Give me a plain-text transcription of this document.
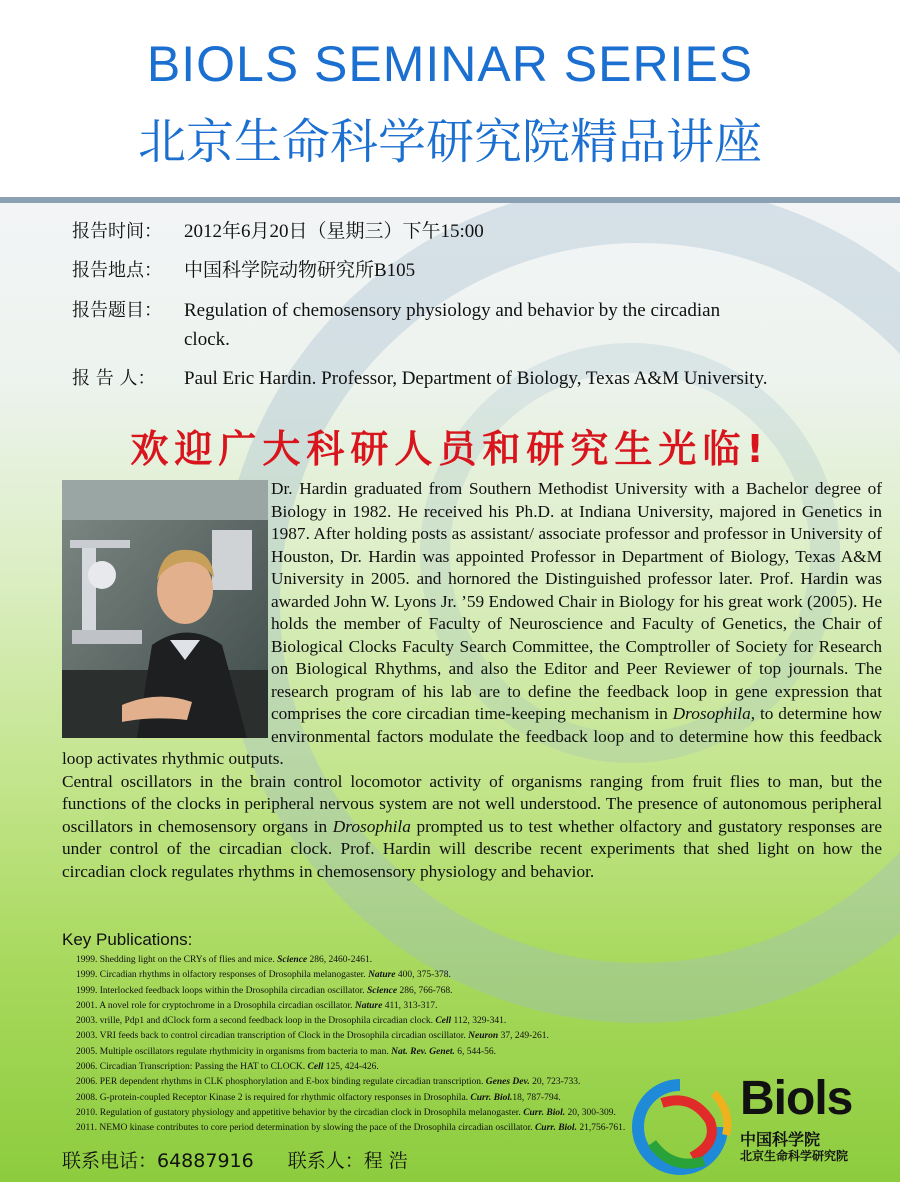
BIOLS SEMINAR SERIES
北京生命科学研究院精品讲座
报告时间：	2012年6月20日（星期三）下午15:00
报告地点：	中国科学院动物研究所B105
报告题目：	Regulation of chemosensory physiology and behavior by the circadian clock.
报 告 人：	Paul Eric Hardin. Professor, Department of Biology, Texas A&M University.
欢迎广大科研人员和研究生光临!

Dr. Hardin graduated from Southern Methodist University with a Bachelor degree of Biology in 1982. He received his Ph.D. at Indiana University, majored in Genetics in 1987. After holding posts as assistant/ associate professor and professor in University of Houston, Dr. Hardin was appointed Professor in Department of Biology, Texas A&M University in 2005. and hornored the Distinguished professor later. Prof. Hardin was awarded John W. Lyons Jr. ’59 Endowed Chair in Biology for his great work (2005). He holds the member of Faculty of Neuroscience and Faculty of Genetics, the Chair of Biological Clocks Faculty Search Committee, the Comptroller of Society for Research on Biological Rhythms, and also the Editor and Peer Reviewer of top journals. The research program of his lab are to define the feedback loop in gene expression that comprises the core circadian time-keeping mechanism in Drosophila, to determine how environmental factors modulate the feedback loop and to determine how this feedback loop activates rhythmic outputs.

Central oscillators in the brain control locomotor activity of organisms ranging from fruit flies to man, but the functions of the clocks in peripheral nervous system are not well understood. The presence of autonomous peripheral oscillators in chemosensory organs in Drosophila prompted us to test whether olfactory and gustatory responses are under control of the circadian clock. Prof. Hardin will describe recent experiments that shed light on how the circadian clock regulates rhythms in chemosensory physiology and behavior.

Key Publications:
1999. Shedding light on the CRYs of flies and mice. Science 286, 2460-2461.
1999. Circadian rhythms in olfactory responses of Drosophila melanogaster. Nature 400, 375-378.
1999. Interlocked feedback loops within the Drosophila circadian oscillator. Science 286, 766-768.
2001. A novel role for cryptochrome in a Drosophila circadian oscillator. Nature 411, 313-317.
2003. vrille, Pdp1 and dClock form a second feedback loop in the Drosophila circadian clock. Cell 112, 329-341.
2003. VRI feeds back to control circadian transcription of Clock in the Drosophila circadian oscillator. Neuron 37, 249-261.
2005. Multiple oscillators regulate rhythmicity in organisms from bacteria to man. Nat. Rev. Genet. 6, 544-56.
2006. Circadian Transcription: Passing the HAT to CLOCK. Cell 125, 424-426.
2006. PER dependent rhythms in CLK phosphorylation and E-box binding regulate circadian transcription. Genes Dev. 20, 723-733.
2008. G-protein-coupled Receptor Kinase 2 is required for rhythmic olfactory responses in Drosophila. Curr. Biol.18, 787-794.
2010. Regulation of gustatory physiology and appetitive behavior by the circadian clock in Drosophila melanogaster. Curr. Biol. 20, 300-309.
2011. NEMO kinase contributes to core period determination by slowing the pace of the Drosophila circadian oscillator. Curr. Biol. 21,756-761.
联系电话：64887916 联系人：程 浩
Biols
中国科学院
北京生命科学研究院
